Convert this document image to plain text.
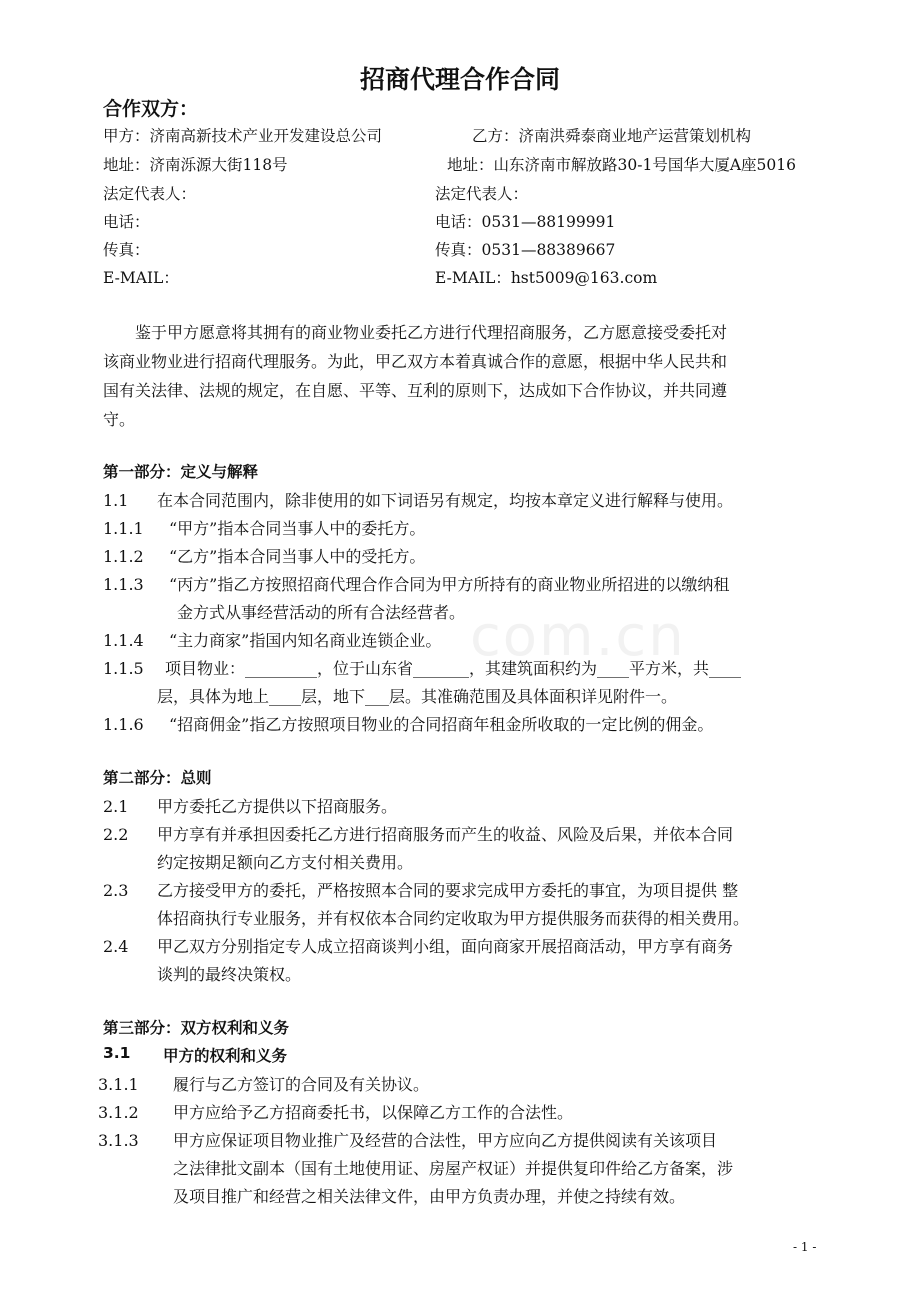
com.cn
招商代理合作合同
合作双方：
甲方：济南高新技术产业开发建设总公司	乙方：济南洪舜泰商业地产运营策划机构
地址：济南泺源大街118号	地址：山东济南市解放路30-1号国华大厦A座5016
法定代表人：	法定代表人：
电话：	电话：0531—88199991
传真：	传真：0531—88389667
E-MAIL：	E-MAIL：hst5009@163.com
鉴于甲方愿意将其拥有的商业物业委托乙方进行代理招商服务，乙方愿意接受委托对
该商业物业进行招商代理服务。为此，甲乙双方本着真诚合作的意愿，根据中华人民共和
国有关法律、法规的规定，在自愿、平等、互利的原则下，达成如下合作协议，并共同遵
守。
第一部分：定义与解释
1.1 在本合同范围内，除非使用的如下词语另有规定，均按本章定义进行解释与使用。
1.1.1 “甲方”指本合同当事人中的委托方。
1.1.2 “乙方”指本合同当事人中的受托方。
1.1.3 “丙方”指乙方按照招商代理合作合同为甲方所持有的商业物业所招进的以缴纳租
金方式从事经营活动的所有合法经营者。
1.1.4 “主力商家”指国内知名商业连锁企业。
1.1.5 项目物业：_________，位于山东省_______，其建筑面积约为____平方米，共____
层，具体为地上____层，地下___层。其准确范围及具体面积详见附件一。
1.1.6 “招商佣金”指乙方按照项目物业的合同招商年租金所收取的一定比例的佣金。
第二部分：总则
2.1 甲方委托乙方提供以下招商服务。
2.2 甲方享有并承担因委托乙方进行招商服务而产生的收益、风险及后果，并依本合同
约定按期足额向乙方支付相关费用。
2.3 乙方接受甲方的委托，严格按照本合同的要求完成甲方委托的事宜，为项目提供 整
体招商执行专业服务，并有权依本合同约定收取为甲方提供服务而获得的相关费用。
2.4 甲乙双方分别指定专人成立招商谈判小组，面向商家开展招商活动，甲方享有商务
谈判的最终决策权。
第三部分：双方权利和义务
3.1 甲方的权利和义务
3.1.1 履行与乙方签订的合同及有关协议。
3.1.2 甲方应给予乙方招商委托书，以保障乙方工作的合法性。
3.1.3 甲方应保证项目物业推广及经营的合法性，甲方应向乙方提供阅读有关该项目
之法律批文副本（国有土地使用证、房屋产权证）并提供复印件给乙方备案，涉
及项目推广和经营之相关法律文件，由甲方负责办理，并使之持续有效。
- 1 -
